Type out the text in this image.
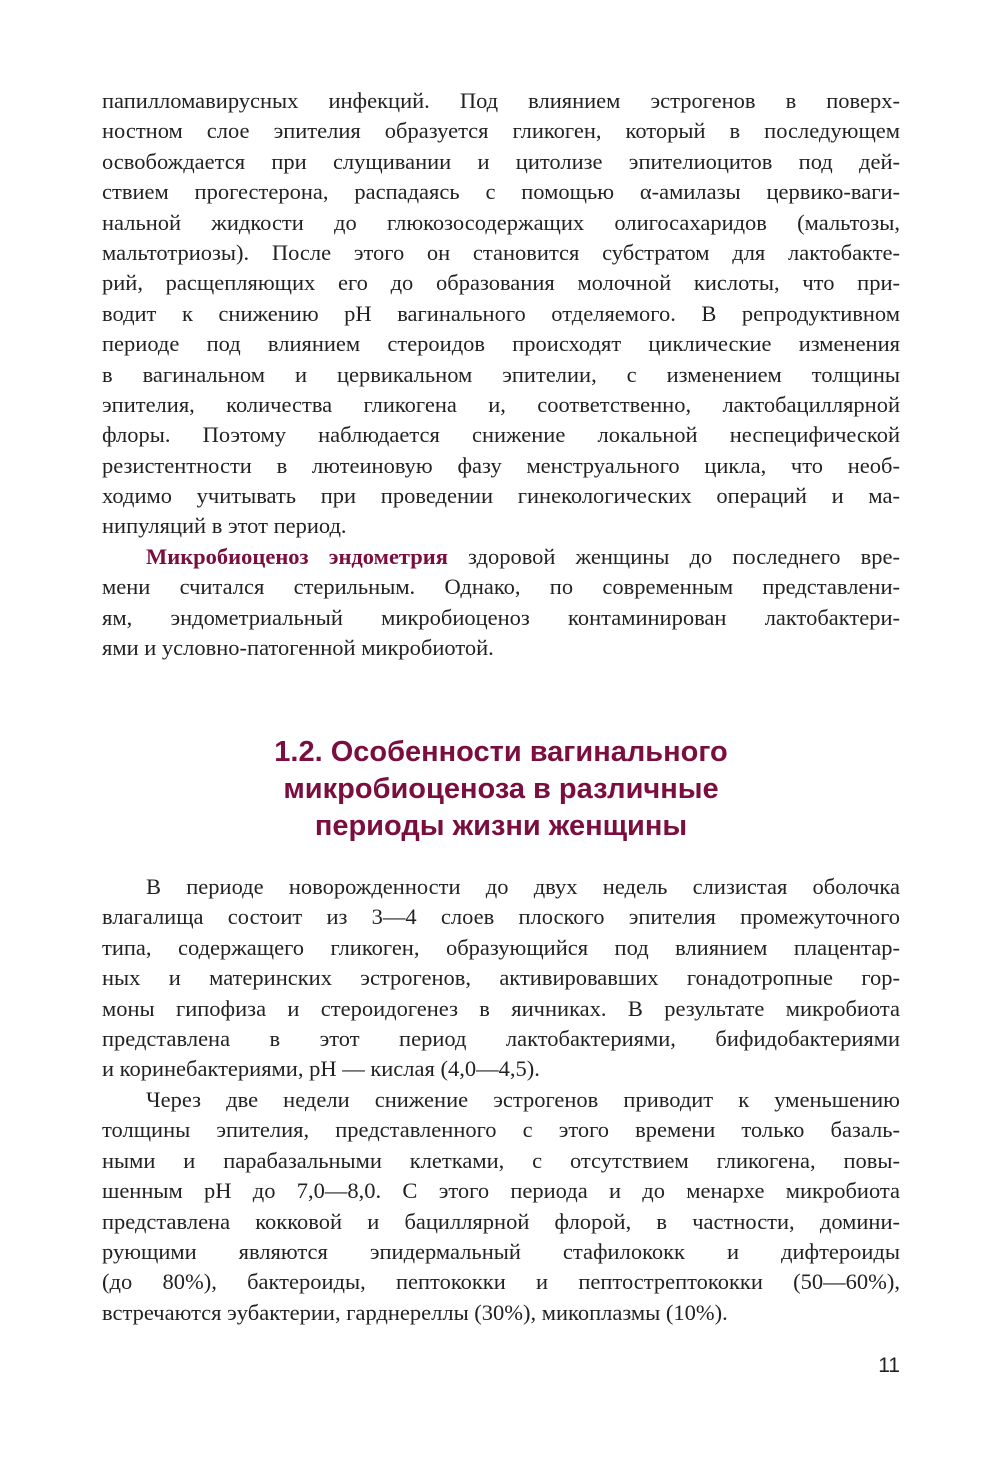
папилломавирусных инфекций. Под влиянием эстрогенов в поверх-
ностном слое эпителия образуется гликоген, который в последующем
освобождается при слущивании и цитолизе эпителиоцитов под дей-
ствием прогестерона, распадаясь с помощью α-амилазы цервико-ваги-
нальной жидкости до глюкозосодержащих олигосахаридов (мальтозы,
мальтотриозы). После этого он становится субстратом для лактобакте-
рий, расщепляющих его до образования молочной кислоты, что при-
водит к снижению pH вагинального отделяемого. В репродуктивном
периоде под влиянием стероидов происходят циклические изменения
в вагинальном и цервикальном эпителии, с изменением толщины
эпителия, количества гликогена и, соответственно, лактобациллярной
флоры. Поэтому наблюдается снижение локальной неспецифической
резистентности в лютеиновую фазу менструального цикла, что необ-
ходимо учитывать при проведении гинекологических операций и ма-
нипуляций в этот период.
Микробиоценоз эндометрия здоровой женщины до последнего вре-
мени считался стерильным. Однако, по современным представлени-
ям, эндометриальный микробиоценоз контаминирован лактобактери-
ями и условно-патогенной микробиотой.
1.2. Особенности вагинального
микробиоценоза в различные
периоды жизни женщины
В периоде новорожденности до двух недель слизистая оболочка
влагалища состоит из 3—4 слоев плоского эпителия промежуточного
типа, содержащего гликоген, образующийся под влиянием плацентар-
ных и материнских эстрогенов, активировавших гонадотропные гор-
моны гипофиза и стероидогенез в яичниках. В результате микробиота
представлена в этот период лактобактериями, бифидобактериями
и коринебактериями, pH — кислая (4,0—4,5).
Через две недели снижение эстрогенов приводит к уменьшению
толщины эпителия, представленного с этого времени только базаль-
ными и парабазальными клетками, с отсутствием гликогена, повы-
шенным pH до 7,0—8,0. С этого периода и до менархе микробиота
представлена кокковой и бациллярной флорой, в частности, домини-
рующими являются эпидермальный стафилококк и дифтероиды
(до 80%), бактероиды, пептококки и пептострептококки (50—60%),
встречаются эубактерии, гарднереллы (30%), микоплазмы (10%).
11
